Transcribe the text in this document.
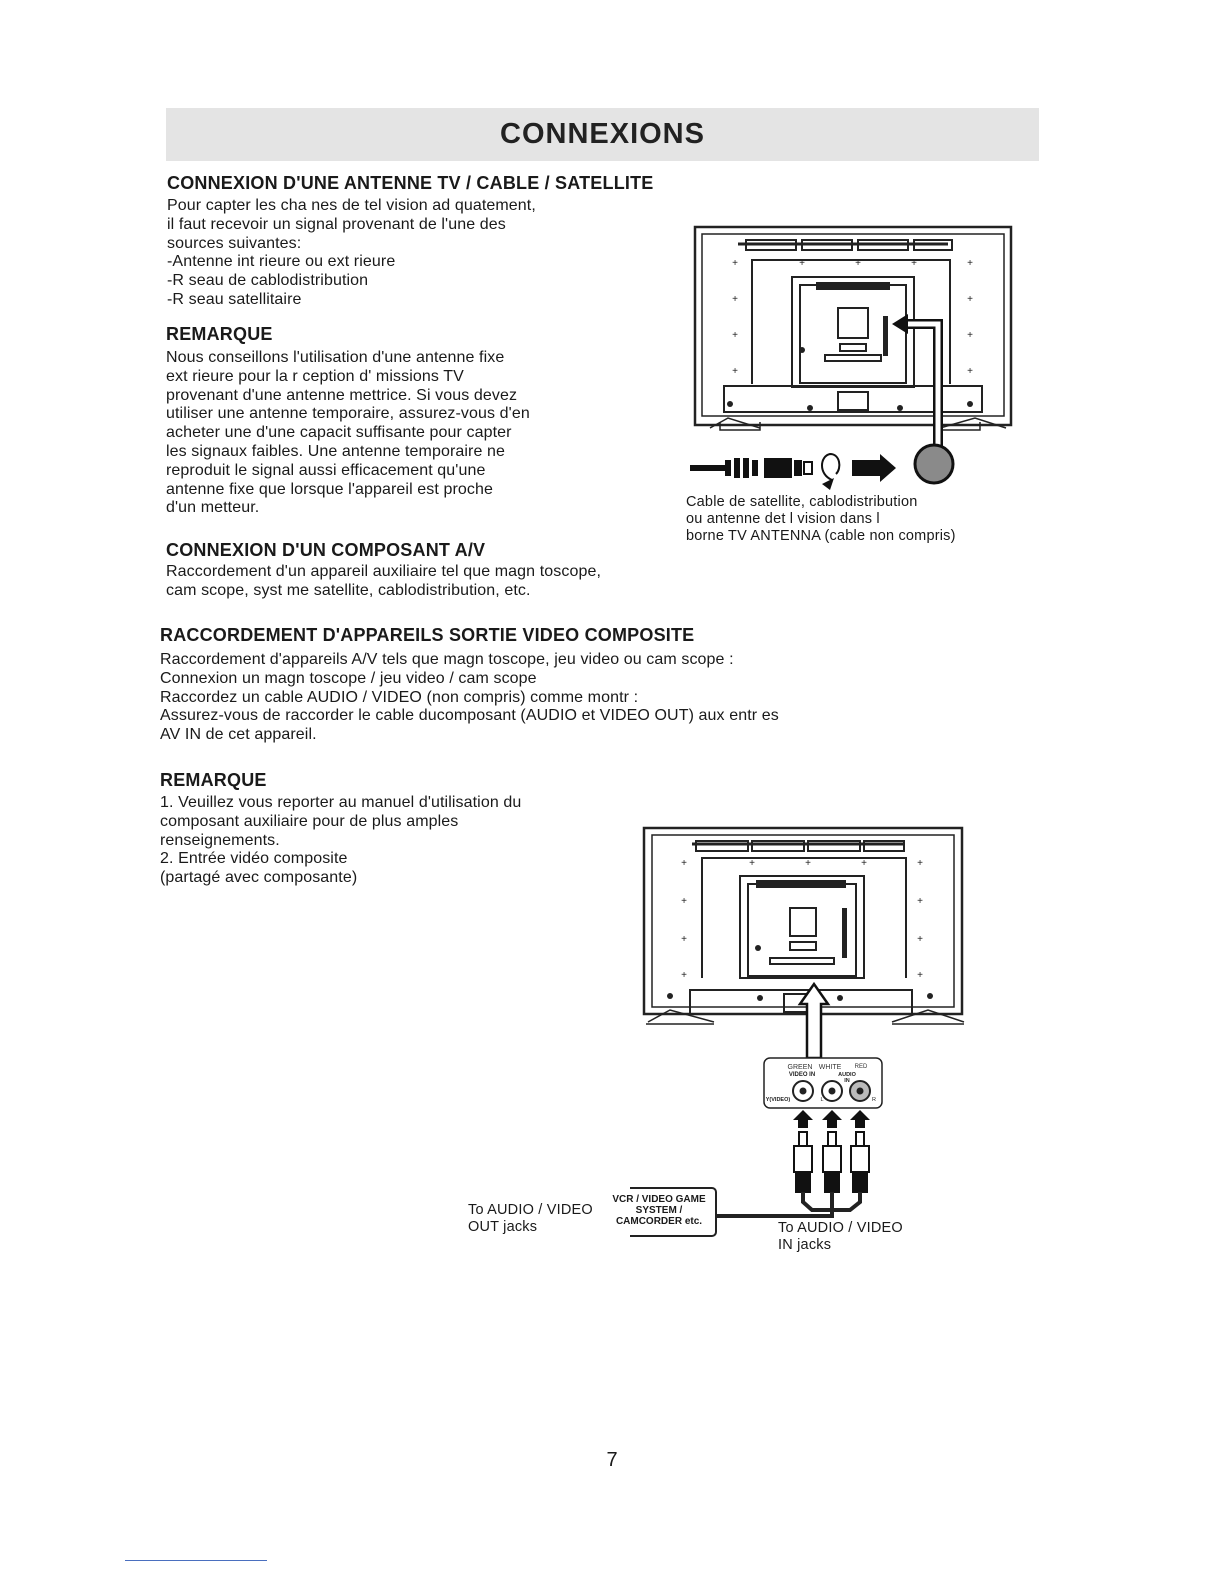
CONNEXIONS

CONNEXION D'UNE ANTENNE TV / CABLE / SATELLITE

Pour capter les cha nes de tel vision ad quatement,
il faut recevoir un signal provenant de l'une des
sources suivantes:
-Antenne int rieure ou ext rieure
-R seau de cablodistribution
-R seau satellitaire

REMARQUE

Nous conseillons l'utilisation d'une antenne fixe
ext rieure pour la r ception d' missions TV
provenant d'une antenne mettrice. Si vous devez
utiliser une antenne temporaire, assurez-vous d'en
acheter une d'une capacit suffisante pour capter
les signaux faibles. Une antenne temporaire ne
reproduit le signal aussi efficacement qu'une
antenne fixe que lorsque l'appareil est proche
d'un metteur.

CONNEXION D'UN COMPOSANT A/V

Raccordement d'un appareil auxiliaire tel que magn toscope,
cam scope, syst me satellite, cablodistribution, etc.

RACCORDEMENT D'APPAREILS SORTIE VIDEO COMPOSITE

Raccordement d'appareils A/V tels que magn toscope, jeu video ou cam scope :
Connexion un magn toscope / jeu video / cam scope
Raccordez un cable AUDIO / VIDEO (non compris) comme montr :
Assurez-vous de raccorder le cable ducomposant (AUDIO et VIDEO OUT) aux entr es
AV IN de cet appareil.

REMARQUE

1. Veuillez vous reporter au manuel d'utilisation du
composant auxiliaire pour de plus amples
renseignements.
2. Entrée vidéo composite
(partagé avec composante)

+
+
+
+
+
+
+
+
+	+	+

Cable de satellite, cablodistribution
ou antenne det l vision dans l
borne TV ANTENNA (cable non compris)

+
+
+
+
+
+
+
+
+	+	+
GREEN WHITE RED
VIDEO IN	AUDIO
IN
Y(VIDEO)	L	R
VCR / VIDEO GAME
SYSTEM /
CAMCORDER etc.

To AUDIO / VIDEO
OUT jacks	To AUDIO / VIDEO
IN jacks

7
